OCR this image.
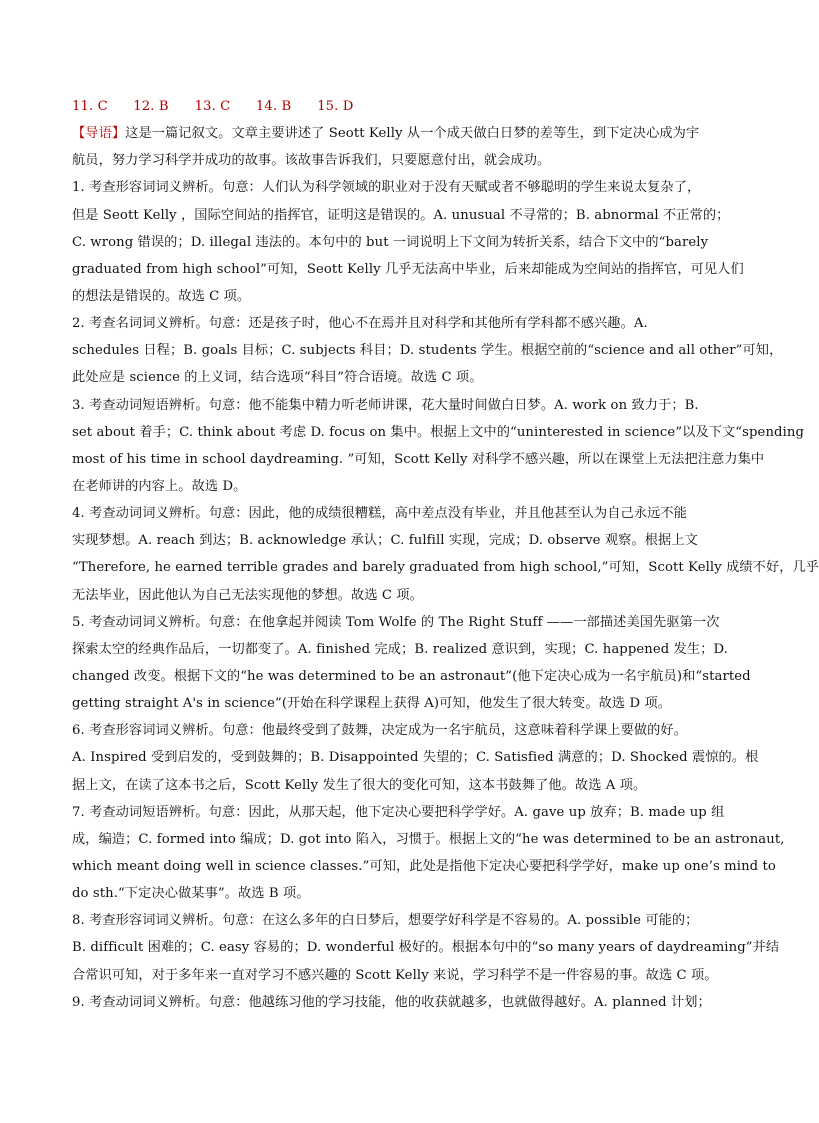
11. C 12. B 13. C 14. B 15. D
【导语】这是一篇记叙文。文章主要讲述了 Seott Kelly 从一个成天做白日梦的差等生，到下定决心成为宇
航员，努力学习科学并成功的故事。该故事告诉我们，只要愿意付出，就会成功。
1. 考查形容词词义辨析。句意：人们认为科学领域的职业对于没有天赋或者不够聪明的学生来说太复杂了，
但是 Seott Kelly ，国际空间站的指挥官，证明这是错误的。A. unusual 不寻常的；B. abnormal 不正常的；
C. wrong 错误的；D. illegal 违法的。本句中的 but 一词说明上下文间为转折关系，结合下文中的“barely
graduated from high school”可知，Seott Kelly 几乎无法高中毕业，后来却能成为空间站的指挥官，可见人们
的想法是错误的。故选 C 项。
2. 考查名词词义辨析。句意：还是孩子时，他心不在焉并且对科学和其他所有学科都不感兴趣。A.
schedules 日程；B. goals 目标；C. subjects 科目；D. students 学生。根据空前的“science and all other”可知，
此处应是 science 的上义词，结合选项“科目”符合语境。故选 C 项。
3. 考查动词短语辨析。句意：他不能集中精力听老师讲课，花大量时间做白日梦。A. work on 致力于；B.
set about 着手；C. think about 考虑 D. focus on 集中。根据上文中的“uninterested in science”以及下文“spending
most of his time in school daydreaming. ”可知，Scott Kelly 对科学不感兴趣，所以在课堂上无法把注意力集中
在老师讲的内容上。故选 D。
4. 考查动词词义辨析。句意：因此，他的成绩很糟糕，高中差点没有毕业，并且他甚至认为自己永远不能
实现梦想。A. reach 到达；B. acknowledge 承认；C. fulfill 实现，完成；D. observe 观察。根据上文
“Therefore, he earned terrible grades and barely graduated from high school,”可知，Scott Kelly 成绩不好，几乎
无法毕业，因此他认为自己无法实现他的梦想。故选 C 项。
5. 考查动词词义辨析。句意：在他拿起并阅读 Tom Wolfe 的 The Right Stuff ——一部描述美国先驱第一次
探索太空的经典作品后，一切都变了。A. finished 完成；B. realized 意识到，实现；C. happened 发生；D.
changed 改变。根据下文的“he was determined to be an astronaut”(他下定决心成为一名宇航员)和“started
getting straight A's in science”(开始在科学课程上获得 A)可知，他发生了很大转变。故选 D 项。
6. 考查形容词词义辨析。句意：他最终受到了鼓舞，决定成为一名宇航员，这意味着科学课上要做的好。
A. Inspired 受到启发的，受到鼓舞的；B. Disappointed 失望的；C. Satisfied 满意的；D. Shocked 震惊的。根
据上文，在读了这本书之后，Scott Kelly 发生了很大的变化可知，这本书鼓舞了他。故选 A 项。
7. 考查动词短语辨析。句意：因此，从那天起，他下定决心要把科学学好。A. gave up 放弃；B. made up 组
成，编造；C. formed into 编成；D. got into 陷入，习惯于。根据上文的“he was determined to be an astronaut,
which meant doing well in science classes.”可知，此处是指他下定决心要把科学学好，make up one’s mind to
do sth.“下定决心做某事”。故选 B 项。
8. 考查形容词词义辨析。句意：在这么多年的白日梦后，想要学好科学是不容易的。A. possible 可能的；
B. difficult 困难的；C. easy 容易的；D. wonderful 极好的。根据本句中的“so many years of daydreaming”并结
合常识可知，对于多年来一直对学习不感兴趣的 Scott Kelly 来说，学习科学不是一件容易的事。故选 C 项。
9. 考查动词词义辨析。句意：他越练习他的学习技能，他的收获就越多，也就做得越好。A. planned 计划；
